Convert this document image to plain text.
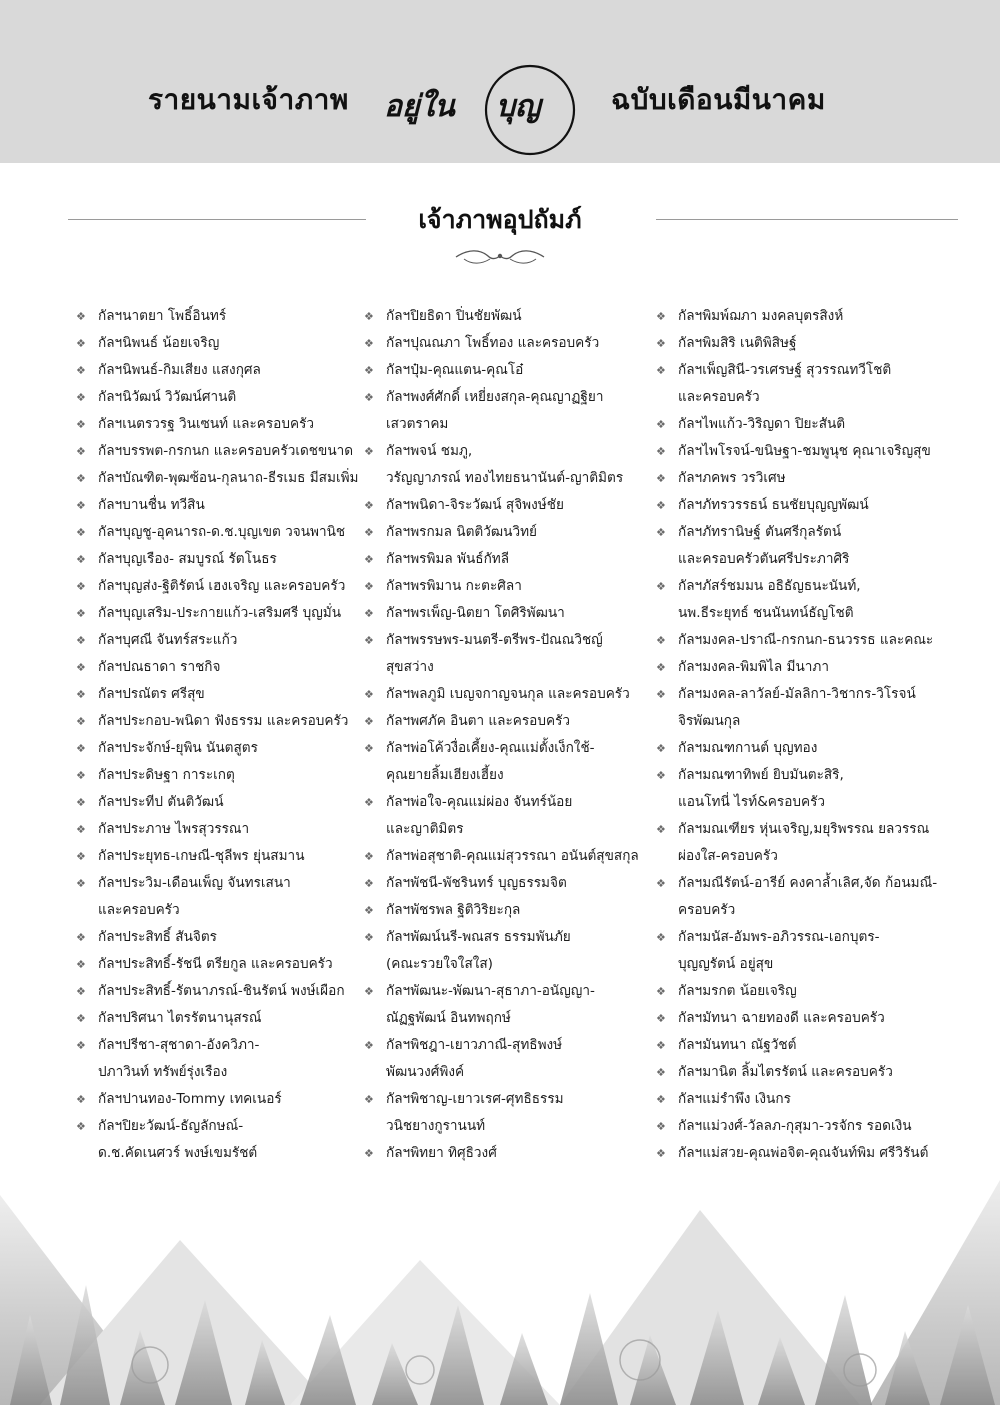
รายนามเจ้าภาพ อยู่ใน บุญ	ฉบับเดือนมีนาคม
เจ้าภาพอุปถัมภ์
❖ กัลฯนาตยา โพธิ์อินทร์
❖ กัลฯนิพนธ์ น้อยเจริญ
❖ กัลฯนิพนธ์-กิมเสียง แสงกุศล
❖ กัลฯนิวัฒน์ วิวัฒน์ศานติ
❖ กัลฯเนตรวรฐ วินเซนท์ และครอบครัว
❖ กัลฯบรรพต-กรกนก และครอบครัวเดชขนาด
❖ กัลฯบัณฑิต-พุฒซ้อน-กุลนาถ-ธีรเมธ มีสมเพิ่ม
❖ กัลฯบานชื่น ทวีสิน
❖ กัลฯบุญชู-อุคนารถ-ด.ช.บุญเขต วจนพานิช
❖ กัลฯบุญเรือง- สมบูรณ์ รัตโนธร
❖ กัลฯบุญส่ง-ฐิติรัตน์ เฮงเจริญ และครอบครัว
❖ กัลฯบุญเสริม-ประกายแก้ว-เสริมศรี บุญมั่น
❖ กัลฯบุศณี จันทร์สระแก้ว
❖ กัลฯปณธาดา ราชกิจ
❖ กัลฯปรณัตร ศรีสุข
❖ กัลฯประกอบ-พนิดา ฟังธรรม และครอบครัว
❖ กัลฯประจักษ์-ยุพิน นันตสูตร
❖ กัลฯประดิษฐา การะเกตุ
❖ กัลฯประทีป ตันติวัฒน์
❖ กัลฯประภาษ ไพรสุวรรณา
❖ กัลฯประยุทธ-เกษณี-ชุลีพร ยุ่นสมาน
❖ กัลฯประวิม-เดือนเพ็ญ จันทรเสนา
และครอบครัว
❖ กัลฯประสิทธิ์ สันจิตร
❖ กัลฯประสิทธิ์-รัชนี ตรียกูล และครอบครัว
❖ กัลฯประสิทธิ์-รัตนาภรณ์-ชินรัตน์ พงษ์เผือก
❖ กัลฯปริศนา ไตรรัตนานุสรณ์
❖ กัลฯปรีชา-สุชาดา-อังควิภา-
ปภาวินท์ ทรัพย์รุ่งเรือง
❖ กัลฯปานทอง-Tommy เทคเนอร์
❖ กัลฯปิยะวัฒน์-ธัญลักษณ์-
ด.ช.คัดเนศวร์ พงษ์เขมรัชต์
❖ กัลฯปิยธิดา ปิ่นชัยพัฒน์
❖ กัลฯปุณณภา โพธิ์ทอง และครอบครัว
❖ กัลฯปุ๋ม-คุณแตน-คุณโอ๋
❖ กัลฯพงศ์ศักดิ์ เหยี่ยงสกุล-คุณญาฏฐิยา
เสวตราคม
❖ กัลฯพจน์ ชมภู,
วรัญญาภรณ์ ทองไทยธนานันต์-ญาติมิตร
❖ กัลฯพนิดา-จิระวัฒน์ สุจิพงษ์ชัย
❖ กัลฯพรกมล นิตติวัฒนวิทย์
❖ กัลฯพรพิมล พันธ์กัทลี
❖ กัลฯพรพิมาน กะตะศิลา
❖ กัลฯพรเพ็ญ-นิตยา โตศิริพัฒนา
❖ กัลฯพรรษพร-มนตรี-ตรีพร-ปัณณวิชญ์
สุขสว่าง
❖ กัลฯพลภูมิ เบญจกาญจนกุล และครอบครัว
❖ กัลฯพศภัค อินตา และครอบครัว
❖ กัลฯพ่อโค้วงื่อเคี้ยง-คุณแม่ตั้งเง็กใช้-
คุณยายลิ้มเฮียงเฮี้ยง
❖ กัลฯพ่อใจ-คุณแม่ผ่อง จันทร์น้อย
และญาติมิตร
❖ กัลฯพ่อสุชาติ-คุณแม่สุวรรณา อนันต์สุขสกุล
❖ กัลฯพัชนี-พัชรินทร์ บุญธรรมจิต
❖ กัลฯพัชรพล ฐิติวิริยะกุล
❖ กัลฯพัฒน์นรี-พณสร ธรรมพันภัย
(คณะรวยใจใสใส)
❖ กัลฯพัฒนะ-พัฒนา-สุธาภา-อนัญญา-
ณัฏฐพัฒน์ อินทพฤกษ์
❖ กัลฯพิชฎา-เยาวภาณี-สุทธิพงษ์
พัฒนวงศ์พิงค์
❖ กัลฯพิชาญ-เยาวเรศ-ศุทธิธรรม
วนิชยางกูรานนท์
❖ กัลฯพิทยา ทิศุธิวงศ์
❖ กัลฯพิมพ์ฌภา มงคลบุตรสิงห์
❖ กัลฯพิมสิริ เนติพิสิษฐ์
❖ กัลฯเพ็ญสินี-วรเศรษฐ์ สุวรรณทวีโชติ
และครอบครัว
❖ กัลฯไพแก้ว-วิริญดา ปิยะสันติ
❖ กัลฯไพโรจน์-ขนิษฐา-ชมพูนุช คุณาเจริญสุข
❖ กัลฯภคพร วรวิเศษ
❖ กัลฯภัทรวรรธน์ ธนชัยบุญญพัฒน์
❖ กัลฯภัทรานิษฐ์ ตันศรีกุลรัตน์
และครอบครัวตันศรีประภาศิริ
❖ กัลฯภัสร์ชมมน อธิธัญธนะนันท์,
นพ.ธีระยุทธ์ ชนนันทน์ธัญโชติ
❖ กัลฯมงคล-ปราณี-กรกนก-ธนวรรธ และคณะ
❖ กัลฯมงคล-พิมพิไล มีนาภา
❖ กัลฯมงคล-ลาวัลย์-มัลลิกา-วิชากร-วิโรจน์
จิรพัฒนกุล
❖ กัลฯมณฑกานต์ บุญทอง
❖ กัลฯมณฑาทิพย์ ยิบมันตะสิริ,
แอนโทนี่ ไรท์&ครอบครัว
❖ กัลฯมณเฑียร หุ่นเจริญ,มยุริพรรณ ยลวรรณ
ผ่องใส-ครอบครัว
❖ กัลฯมณีรัตน์-อารีย์ คงคาล้ำเลิศ,จัด ก้อนมณี-
ครอบครัว
❖ กัลฯมนัส-อัมพร-อภิวรรณ-เอกบุตร-
บุญญรัตน์ อยู่สุข
❖ กัลฯมรกต น้อยเจริญ
❖ กัลฯมัทนา ฉายทองดี และครอบครัว
❖ กัลฯมันทนา ณัฐวัชต์
❖ กัลฯมานิต ลิ้มไตรรัตน์ และครอบครัว
❖ กัลฯแม่รำพึง เงินกร
❖ กัลฯแม่วงศ์-วัลลภ-กุสุมา-วรจักร รอดเงิน
❖ กัลฯแม่สวย-คุณพ่อจิต-คุณจันท์พิม ศรีวิรันต์
